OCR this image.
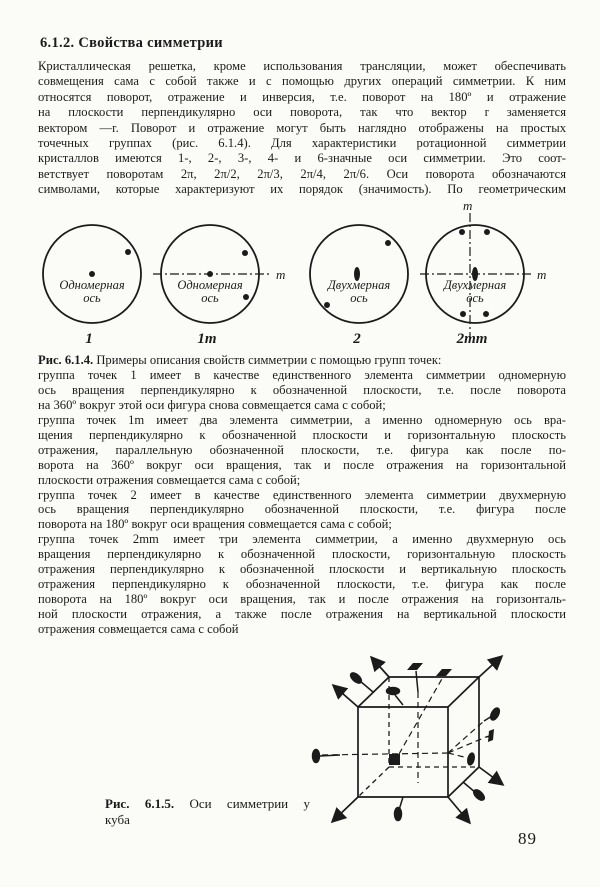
6.1.2. Свойства симметрии
Кристаллическая решетка, кроме использования трансляции, может обеспечивать
совмещения сама с собой также и с помощью других операций симметрии. К ним
относятся поворот, отражение и инверсия, т.е. поворот на 180º и отражение
на плоскости перпендикулярно оси поворота, так что вектор r заменяется
вектором —r. Поворот и отражение могут быть наглядно отображены на простых
точечных группах (рис. 6.1.4). Для характеристики ротационной симметрии
кристаллов имеются 1-, 2-, 3-, 4- и 6-значные оси симметрии. Это соот-
ветствует поворотам 2π, 2π/2, 2π/3, 2π/4, 2π/6. Оси поворота обозначаются
символами, которые характеризуют их порядок (значимость). По геометрическим
Одномерная
ось
Одномерная
ось
Двухмерная
ось
Двухмерная
ось
m	m
m
1	1m	2	2mm
Рис. 6.1.4. Примеры описания свойств симметрии с помощью групп точек:
группа точек 1 имеет в качестве единственного элемента симметрии одномерную
ось вращения перпендикулярно к обозначенной плоскости, т.е. после поворота
на 360º вокруг этой оси фигура снова совмещается сама с собой;
группа точек 1m имеет два элемента симметрии, а именно одномерную ось вра-
щения перпендикулярно к обозначенной плоскости и горизонтальную плоскость
отражения, параллельную обозначенной плоскости, т.е. фигура как после по-
ворота на 360º вокруг оси вращения, так и после отражения на горизонтальной
плоскости отражения совмещается сама с собой;
группа точек 2 имеет в качестве единственного элемента симметрии двухмерную
ось вращения перпендикулярно обозначенной плоскости, т.е. фигура после
поворота на 180º вокруг оси вращения совмещается сама с собой;
группа точек 2mm имеет три элемента симметрии, а именно двухмерную ось
вращения перпендикулярно к обозначенной плоскости, горизонтальную плоскость
отражения перпендикулярно к обозначенной плоскости и вертикальную плоскость
отражения перпендикулярно к обозначенной плоскости, т.е. фигура как после
поворота на 180º вокруг оси вращения, так и после отражения на горизонталь-
ной плоскости отражения, а также после отражения на вертикальной плоскости
отражения совмещается сама с собой
Рис. 6.1.5. Оси симметрии у
куба
89
